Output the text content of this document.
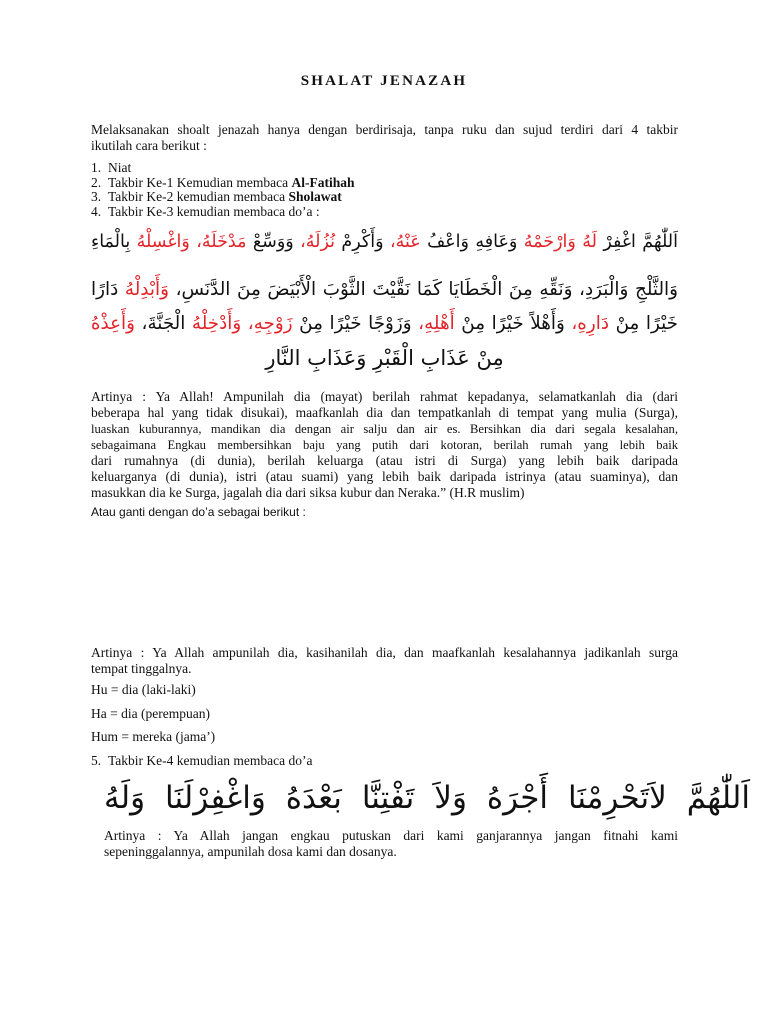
SHALAT JENAZAH
Melaksanakan shoalt jenazah hanya dengan berdirisaja, tanpa ruku dan sujud terdiri dari 4 takbir
ikutilah cara berikut :
1. Niat
2. Takbir Ke-1 Kemudian membaca Al-Fatihah
3. Takbir Ke-2 kemudian membaca Sholawat
4. Takbir Ke-3 kemudian membaca do’a :
اَللّٰهُمَّ اغْفِرْ لَهُ وَارْحَمْهُ وَعَافِهِ وَاعْفُ عَنْهُ، وَأَكْرِمْ نُزُلَهُ، وَوَسِّعْ مَدْخَلَهُ، وَاغْسِلْهُ بِالْمَاءِ
وَالثَّلْجِ وَالْبَرَدِ، وَنَقِّهِ مِنَ الْخَطَايَا كَمَا نَقَّيْتَ الثَّوْبَ الْأَبْيَضَ مِنَ الدَّنَسِ، وَأَبْدِلْهُ دَارًا
خَيْرًا مِنْ دَارِهِ، وَأَهْلاً خَيْرًا مِنْ أَهْلِهِ، وَزَوْجًا خَيْرًا مِنْ زَوْجِهِ، وَأَدْخِلْهُ الْجَنَّةَ، وَأَعِذْهُ
مِنْ عَذَابِ الْقَبْرِ وَعَذَابِ النَّارِ
Artinya : Ya Allah! Ampunilah dia (mayat) berilah rahmat kepadanya, selamatkanlah dia (dari
beberapa hal yang tidak disukai), maafkanlah dia dan tempatkanlah di tempat yang mulia (Surga),
luaskan kuburannya, mandikan dia dengan air salju dan air es. Bersihkan dia dari segala kesalahan,
sebagaimana Engkau membersihkan baju yang putih dari kotoran, berilah rumah yang lebih baik
dari rumahnya (di dunia), berilah keluarga (atau istri di Surga) yang lebih baik daripada
keluarganya (di dunia), istri (atau suami) yang lebih baik daripada istrinya (atau suaminya), dan
masukkan dia ke Surga, jagalah dia dari siksa kubur dan Neraka.” (H.R muslim)
Atau ganti dengan do’a sebagai berikut :
Artinya : Ya Allah ampunilah dia, kasihanilah dia, dan maafkanlah kesalahannya jadikanlah surga
tempat tinggalnya.
Hu = dia (laki-laki)
Ha = dia (perempuan)
Hum = mereka (jama’)
5. Takbir Ke-4 kemudian membaca do’a
اَللّٰهُمَّ لاَتَحْرِمْنَا أَجْرَهُ وَلاَ تَفْتِنَّا بَعْدَهُ وَاغْفِرْلَنَا وَلَهُ
Artinya : Ya Allah jangan engkau putuskan dari kami ganjarannya jangan fitnahi kami
sepeninggalannya, ampunilah dosa kami dan dosanya.
